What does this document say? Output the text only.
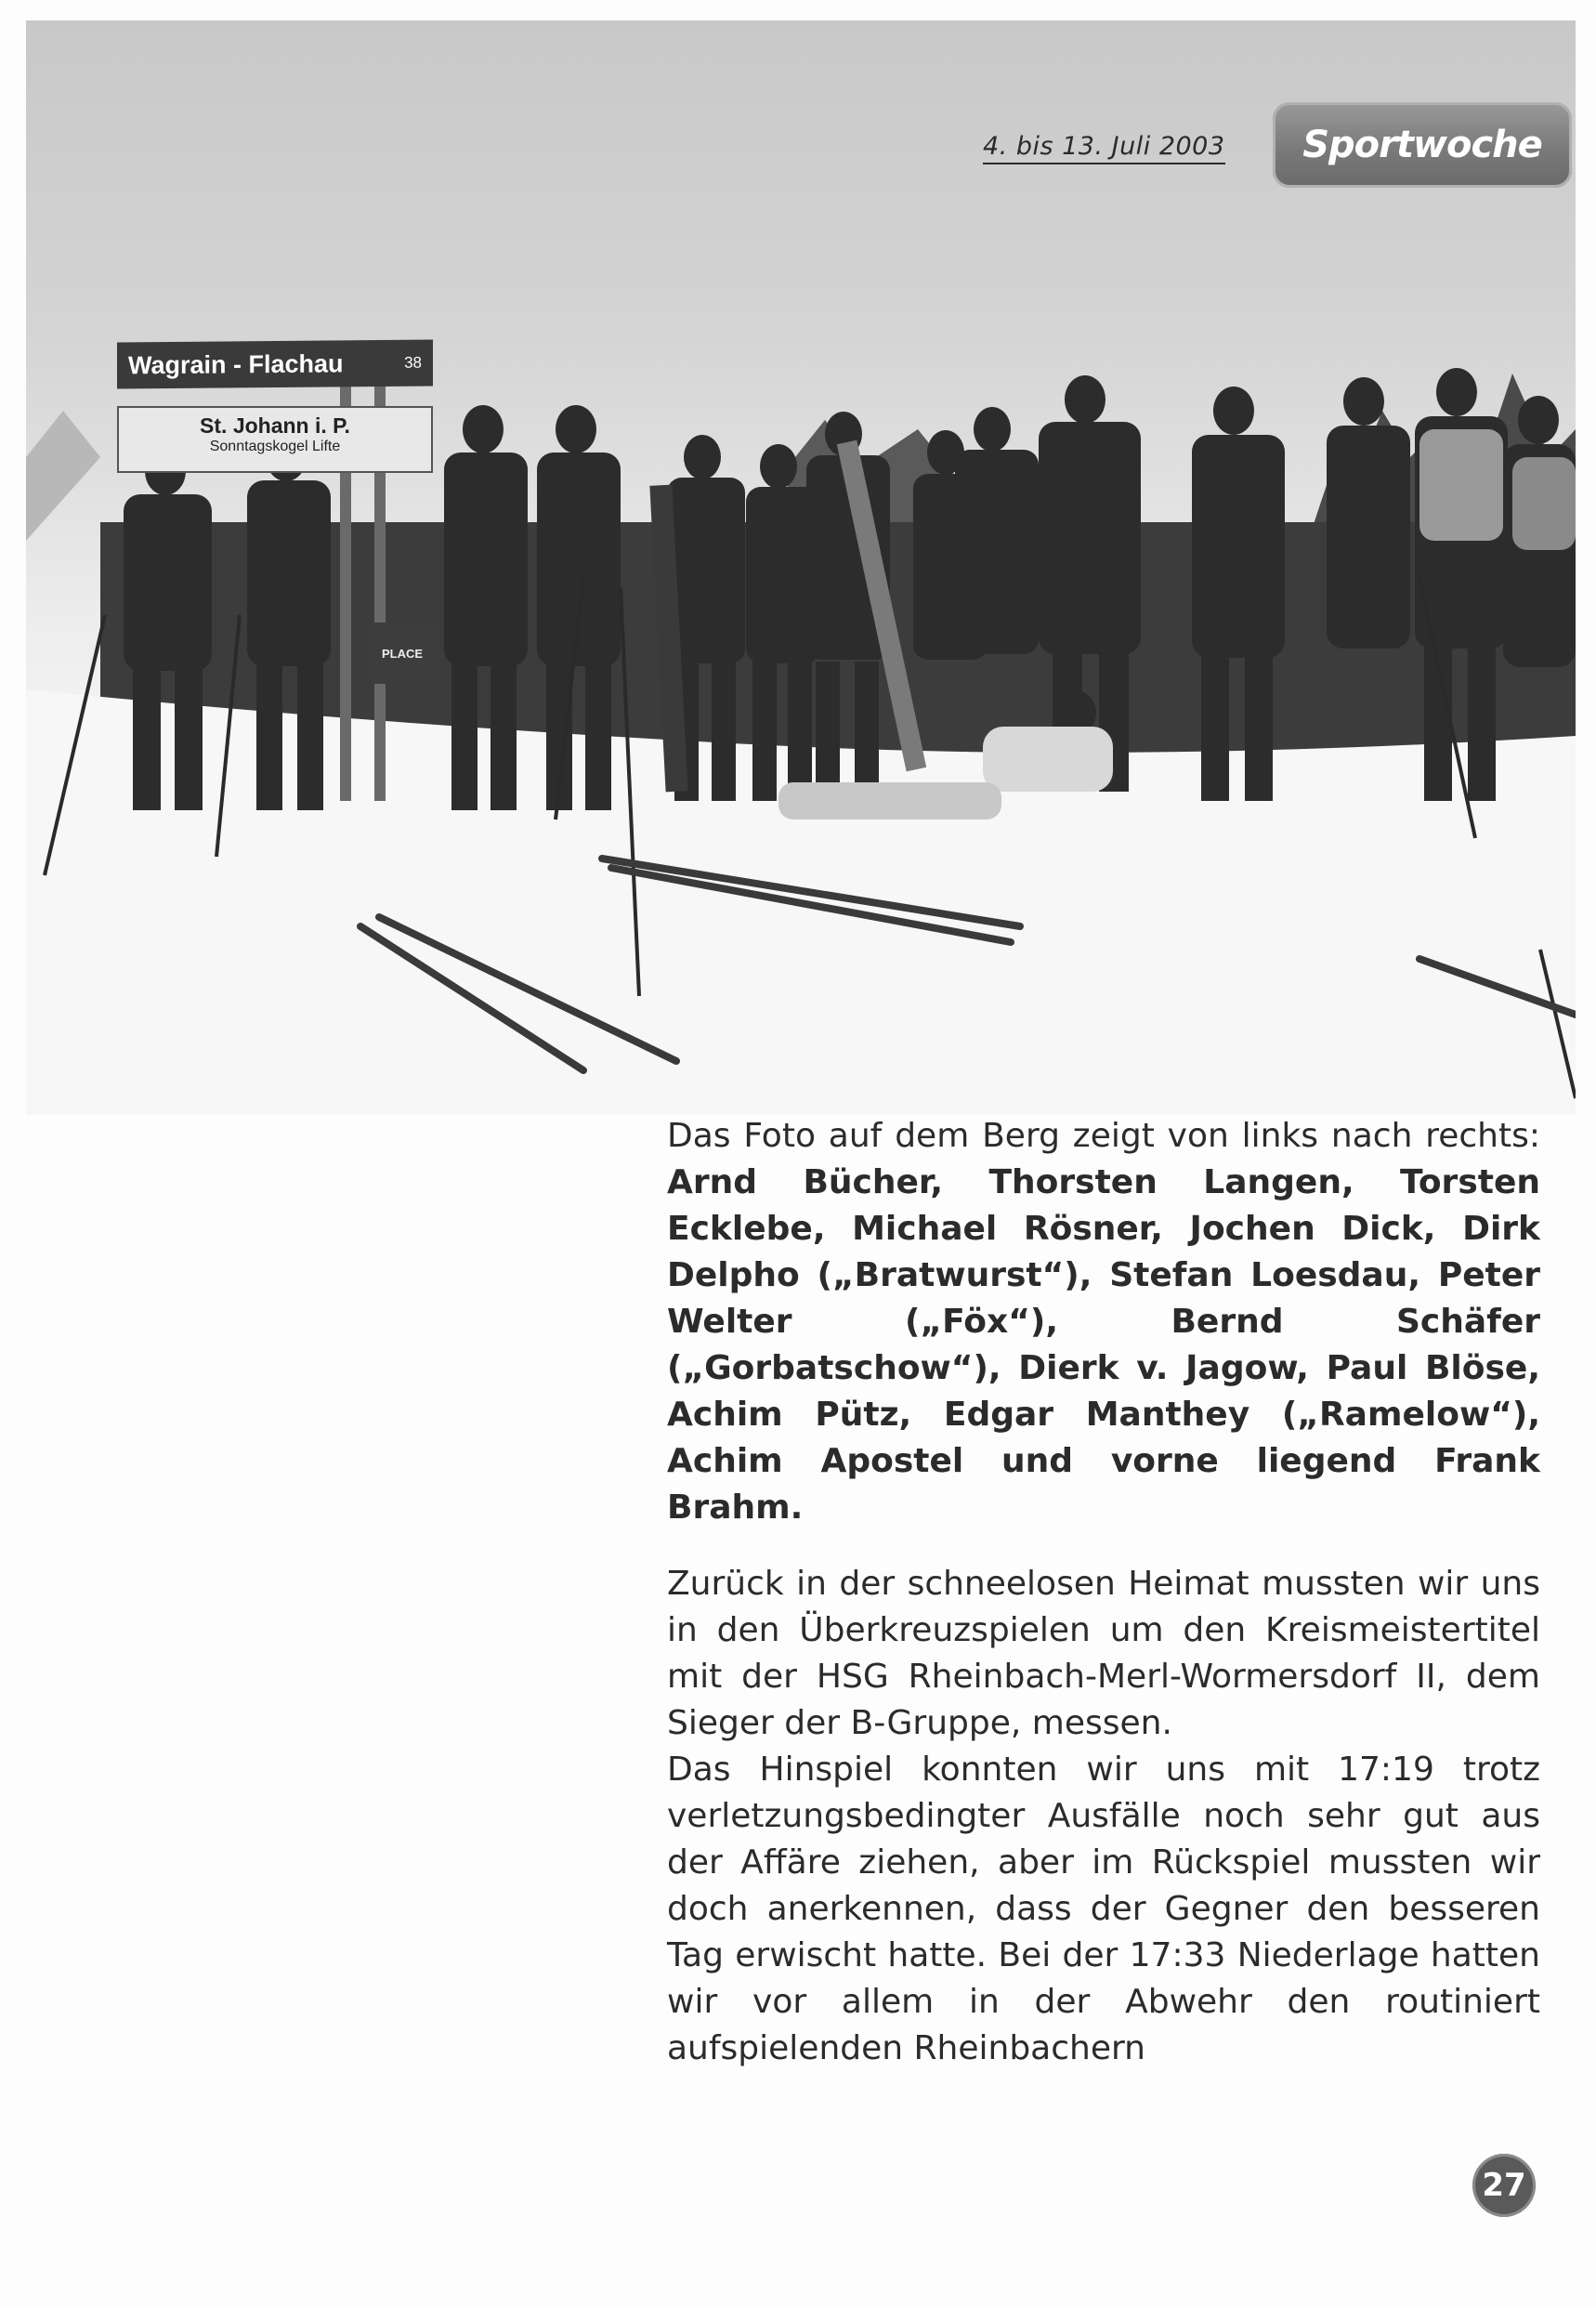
Wagrain - Flachau	38
St. Johann i. P.
Sonntagskogel Lifte
PLACE
4. bis 13. Juli 2003 Sportwoche

Das Foto auf dem Berg zeigt von links nach rechts: Arnd Bücher, Thorsten Langen, Torsten Ecklebe, Michael Rösner, Jochen Dick, Dirk Delpho („Bratwurst“), Stefan Loesdau, Peter Welter („Föx“), Bernd Schäfer („Gorbatschow“), Dierk v. Jagow, Paul Blöse, Achim Pütz, Edgar Manthey („Ramelow“), Achim Apostel und vorne liegend Frank Brahm.

Zurück in der schneelosen Heimat mussten wir uns in den Überkreuzspielen um den Kreismeistertitel mit der HSG Rheinbach-Merl-Wormersdorf II, dem Sieger der B-Gruppe, messen.

Das Hinspiel konnten wir uns mit 17:19 trotz verletzungsbedingter Ausfälle noch sehr gut aus der Affäre ziehen, aber im Rückspiel mussten wir doch anerkennen, dass der Gegner den besseren Tag erwischt hatte. Bei der 17:33 Niederlage hatten wir vor allem in der Abwehr den routiniert aufspielenden Rheinbachern

27
